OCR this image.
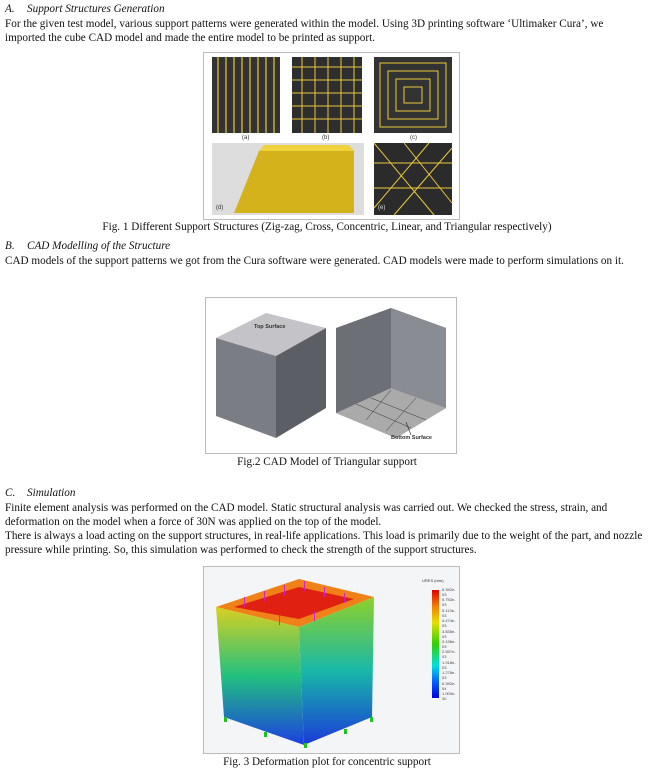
A. Support Structures Generation
For the given test model, various support patterns were generated within the model. Using 3D printing software ‘Ultimaker Cura’, we imported the cube CAD model and made the entire model to be printed as support.
(a)	(b)	(c)
(d)	(e)
Fig. 1 Different Support Structures (Zig-zag, Cross, Concentric, Linear, and Triangular respectively)
B. CAD Modelling of the Structure
CAD models of the support patterns we got from the Cura software were generated. CAD models were made to perform simulations on it.
Top Surface
Bottom Surface
Fig.2 CAD Model of Triangular support
C. Simulation
Finite element analysis was performed on the CAD model. Static structural analysis was carried out. We checked the stress, strain, and deformation on the model when a force of 30N was applied on the top of the model.
There is always a load acting on the support structures, in real-life applications. This load is primarily due to the weight of the part, and nozzle pressure while printing. So, this simulation was performed to check the strength of the support structures.
URES (mm)
6.392e-03
5.753e-03
5.113e-03
4.474e-03
3.835e-03
3.196e-03
2.557e-03
1.918e-03
1.278e-03
6.392e-04
1.000e-30
Fig. 3 Deformation plot for concentric support
